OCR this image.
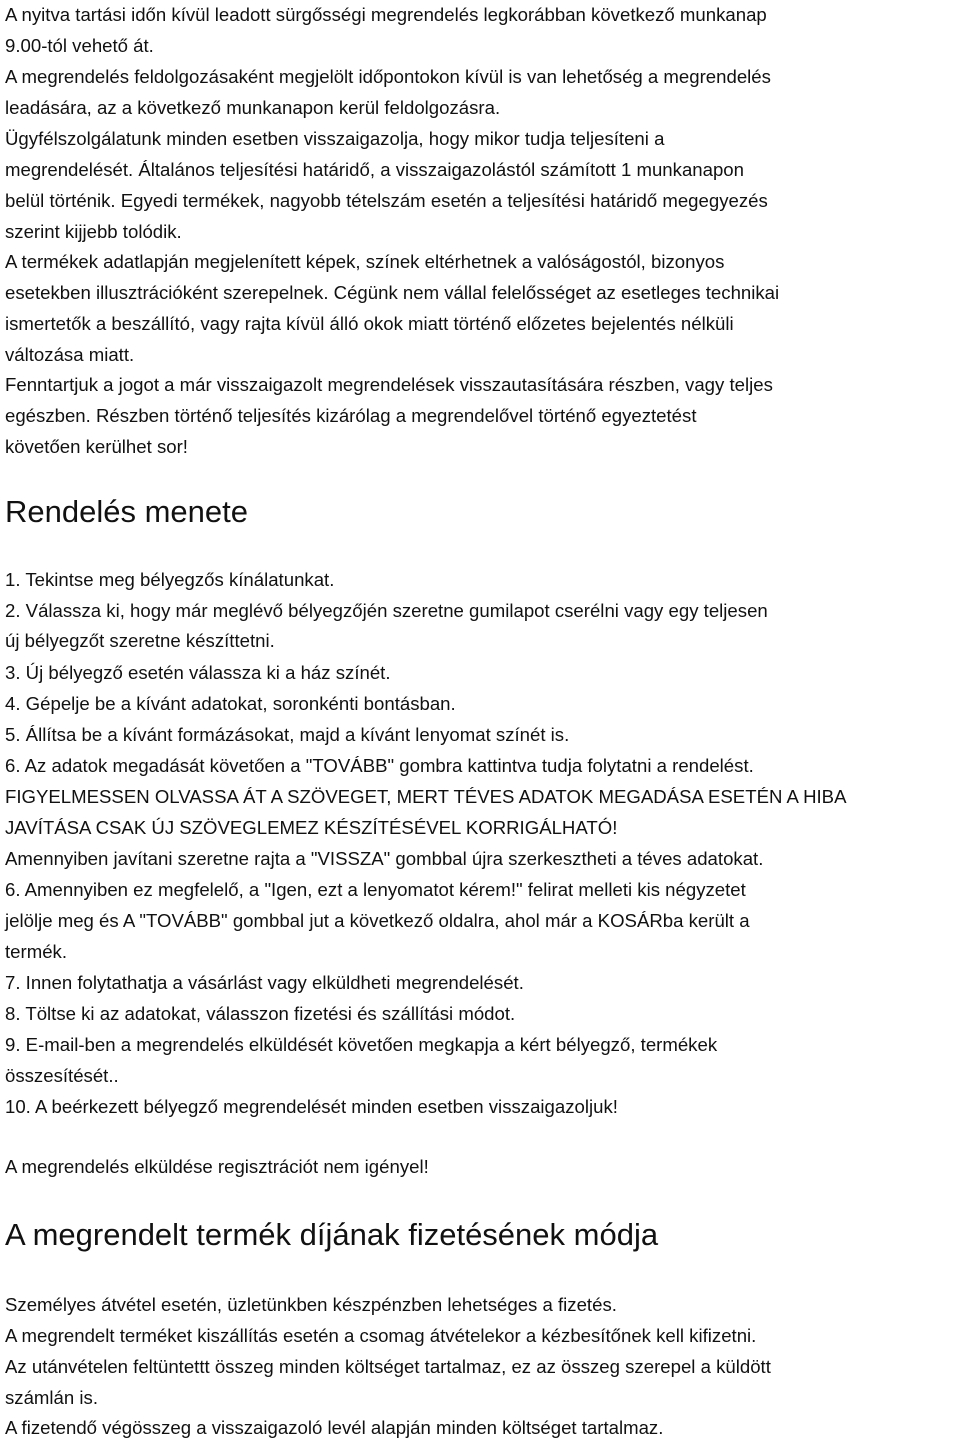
A nyitva tartási időn kívül leadott sürgősségi megrendelés legkorábban következő munkanap
9.00-tól vehető át.
A megrendelés feldolgozásaként megjelölt időpontokon kívül is van lehetőség a megrendelés
leadására, az a következő munkanapon kerül feldolgozásra.
Ügyfélszolgálatunk minden esetben visszaigazolja, hogy mikor tudja teljesíteni a
megrendelését. Általános teljesítési határidő, a visszaigazolástól számított 1 munkanapon
belül történik. Egyedi termékek, nagyobb tételszám esetén a teljesítési határidő megegyezés
szerint kijjebb tolódik.
A termékek adatlapján megjelenített képek, színek eltérhetnek a valóságostól, bizonyos
esetekben illusztrációként szerepelnek. Cégünk nem vállal felelősséget az esetleges technikai
ismertetők a beszállító, vagy rajta kívül álló okok miatt történő előzetes bejelentés nélküli
változása miatt.
Fenntartjuk a jogot a már visszaigazolt megrendelések visszautasítására részben, vagy teljes
egészben. Részben történő teljesítés kizárólag a megrendelővel történő egyeztetést
követően kerülhet sor!
Rendelés menete
1. Tekintse meg bélyegzős kínálatunkat.
2. Válassza ki, hogy már meglévő bélyegzőjén szeretne gumilapot cserélni vagy egy teljesen
új bélyegzőt szeretne készíttetni.
3. Új bélyegző esetén válassza ki a ház színét.
4. Gépelje be a kívánt adatokat, soronkénti bontásban.
5. Állítsa be a kívánt formázásokat, majd a kívánt lenyomat színét is.
6. Az adatok megadását követően a "TOVÁBB" gombra kattintva tudja folytatni a rendelést.
FIGYELMESSEN OLVASSA ÁT A SZÖVEGET, MERT TÉVES ADATOK MEGADÁSA ESETÉN A HIBA
JAVÍTÁSA CSAK ÚJ SZÖVEGLEMEZ KÉSZÍTÉSÉVEL KORRIGÁLHATÓ!
Amennyiben javítani szeretne rajta a "VISSZA" gombbal újra szerkesztheti a téves adatokat.
6. Amennyiben ez megfelelő, a "Igen, ezt a lenyomatot kérem!" felirat melleti kis négyzetet
jelölje meg és A "TOVÁBB" gombbal jut a következő oldalra, ahol már a KOSÁRba került a
termék.
7. Innen folytathatja a vásárlást vagy elküldheti megrendelését.
8. Töltse ki az adatokat, válasszon fizetési és szállítási módot.
9. E-mail-ben a megrendelés elküldését követően megkapja a kért bélyegző, termékek
összesítését..
10. A beérkezett bélyegző megrendelését minden esetben visszaigazoljuk!
A megrendelés elküldése regisztrációt nem igényel!
A megrendelt termék díjának fizetésének módja
Személyes átvétel esetén, üzletünkben készpénzben lehetséges a fizetés.
A megrendelt terméket kiszállítás esetén a csomag átvételekor a kézbesítőnek kell kifizetni.
Az utánvételen feltüntettt összeg minden költséget tartalmaz, ez az összeg szerepel a küldött
számlán is.
A fizetendő végösszeg a visszaigazoló levél alapján minden költséget tartalmaz.
